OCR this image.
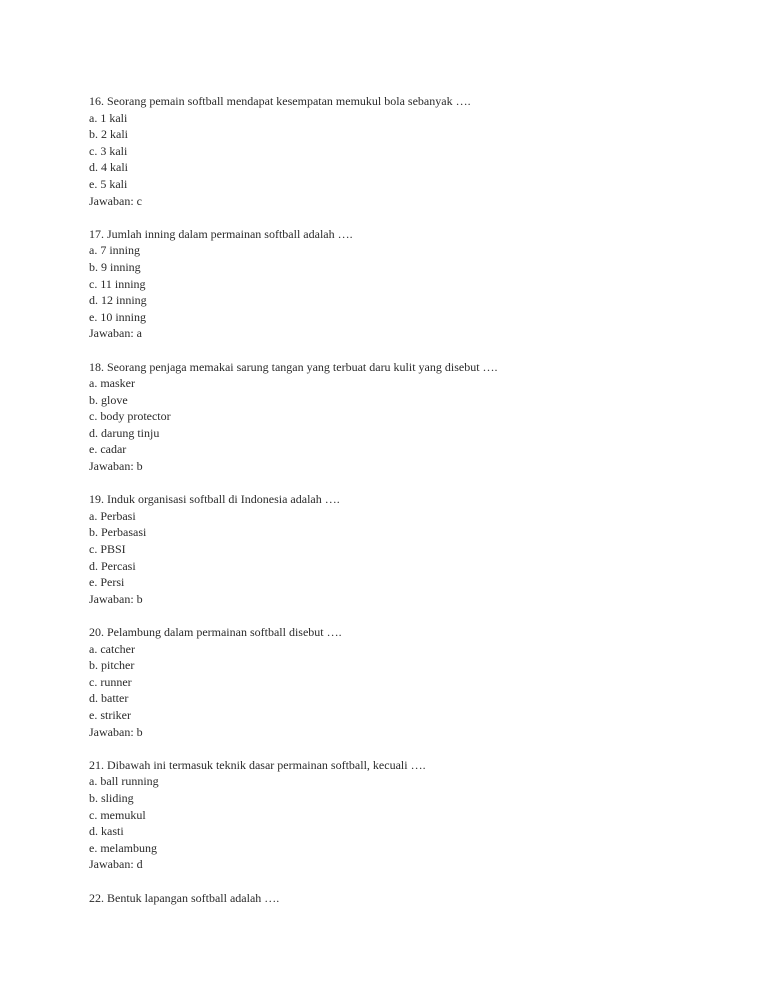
16. Seorang pemain softball mendapat kesempatan memukul bola sebanyak ….
a. 1 kali
b. 2 kali
c. 3 kali
d. 4 kali
e. 5 kali
Jawaban: c
17. Jumlah inning dalam permainan softball adalah ….
a. 7 inning
b. 9 inning
c. 11 inning
d. 12 inning
e. 10 inning
Jawaban: a
18. Seorang penjaga memakai sarung tangan yang terbuat daru kulit yang disebut ….
a. masker
b. glove
c. body protector
d. darung tinju
e. cadar
Jawaban: b
19. Induk organisasi softball di Indonesia adalah ….
a. Perbasi
b. Perbasasi
c. PBSI
d. Percasi
e. Persi
Jawaban: b
20. Pelambung dalam permainan softball disebut ….
a. catcher
b. pitcher
c. runner
d. batter
e. striker
Jawaban: b
21. Dibawah ini termasuk teknik dasar permainan softball, kecuali ….
a. ball running
b. sliding
c. memukul
d. kasti
e. melambung
Jawaban: d
22. Bentuk lapangan softball adalah ….
